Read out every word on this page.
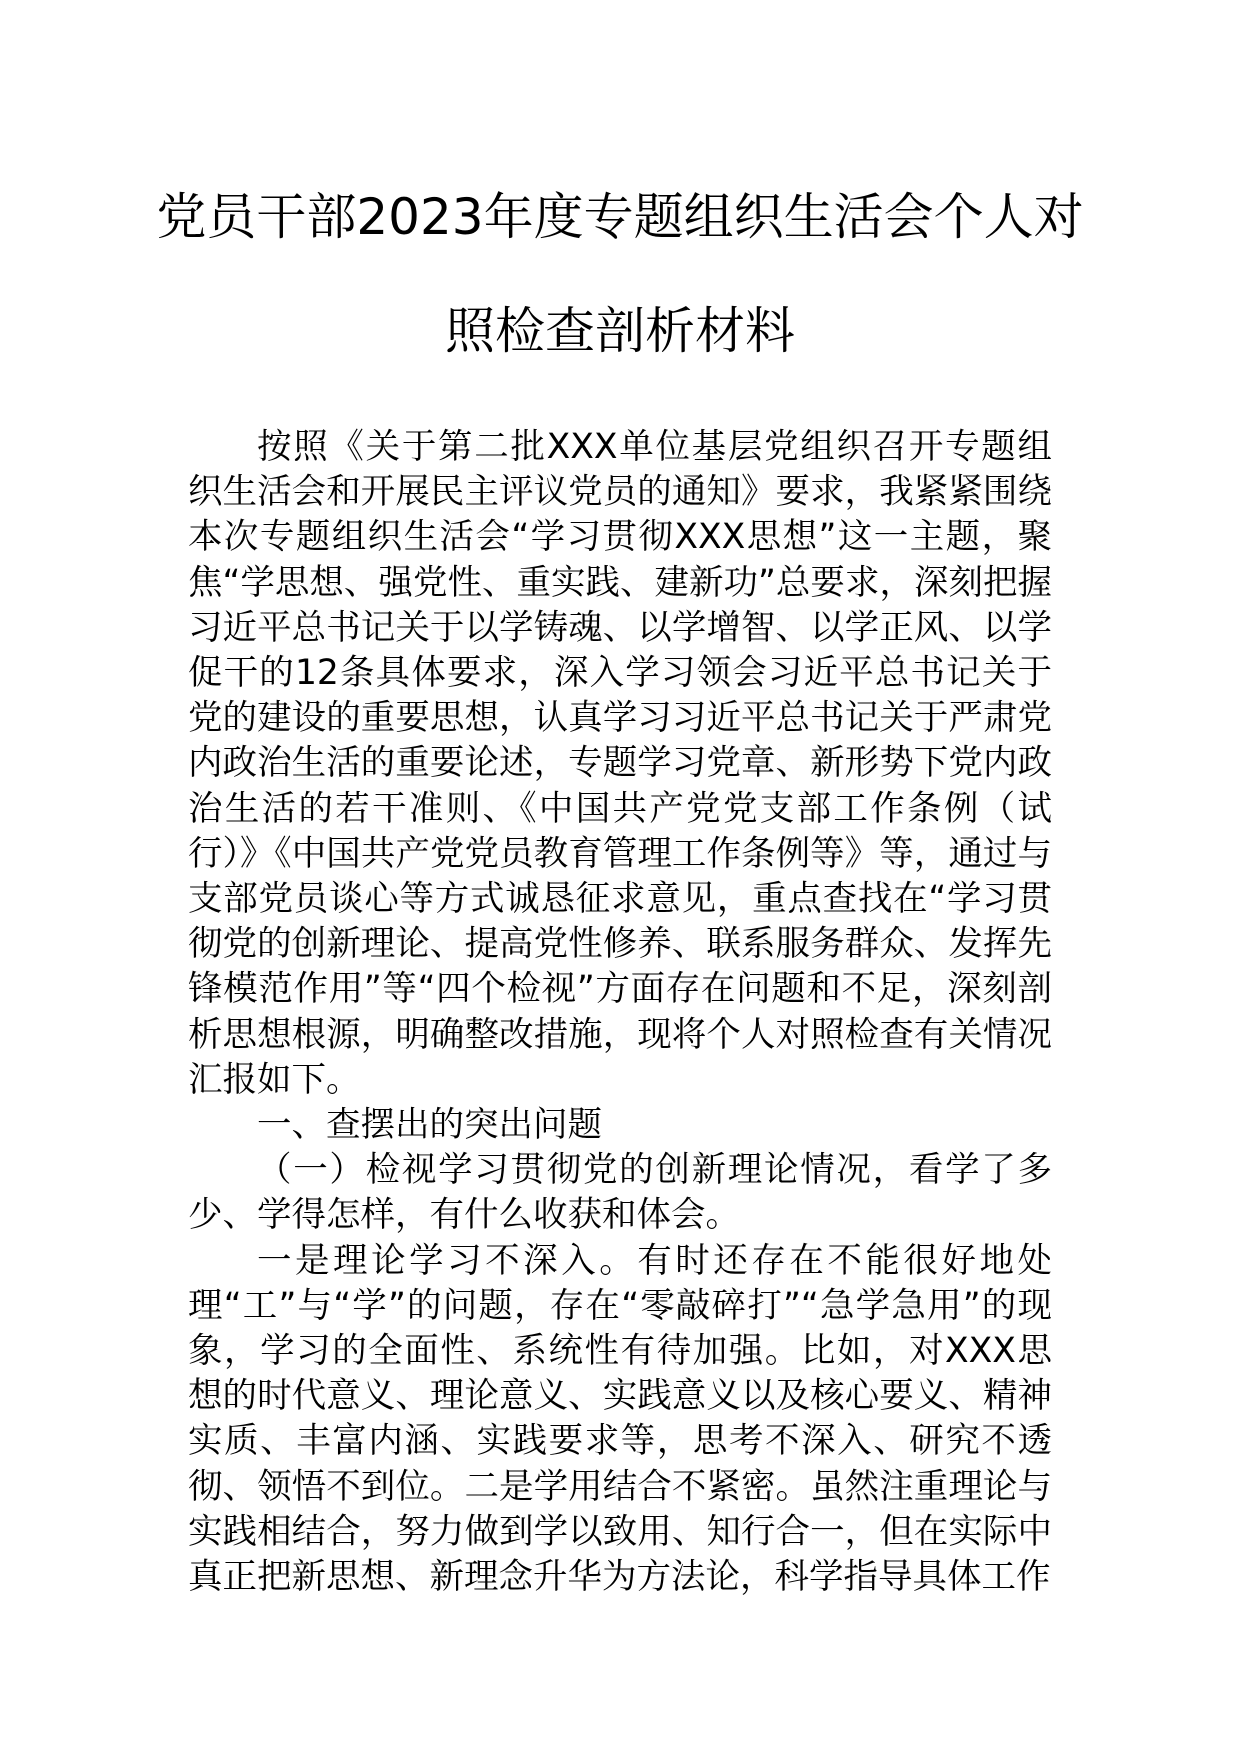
党员干部2023年度专题组织生活会个人对
照检查剖析材料

按照《关于第二批XXX单位基层党组织召开专题组织生活会和开展民主评议党员的通知》要求，我紧紧围绕本次专题组织生活会“学习贯彻XXX思想”这一主题，聚焦“学思想、强党性、重实践、建新功”总要求，深刻把握习近平总书记关于以学铸魂、以学增智、以学正风、以学促干的12条具体要求，深入学习领会习近平总书记关于党的建设的重要思想，认真学习习近平总书记关于严肃党内政治生活的重要论述，专题学习党章、新形势下党内政治生活的若干准则、《中国共产党党支部工作条例（试行）》《中国共产党党员教育管理工作条例等》等，通过与支部党员谈心等方式诚恳征求意见，重点查找在“学习贯彻党的创新理论、提高党性修养、联系服务群众、发挥先锋模范作用”等“四个检视”方面存在问题和不足，深刻剖析思想根源，明确整改措施，现将个人对照检查有关情况汇报如下。

一、查摆出的突出问题

（一）检视学习贯彻党的创新理论情况，看学了多少、学得怎样，有什么收获和体会。

一是理论学习不深入。有时还存在不能很好地处理“工”与“学”的问题，存在“零敲碎打”“急学急用”的现象，学习的全面性、系统性有待加强。比如，对XXX思想的时代意义、理论意义、实践意义以及核心要义、精神实质、丰富内涵、实践要求等，思考不深入、研究不透彻、领悟不到位。二是学用结合不紧密。虽然注重理论与实践相结合，努力做到学以致用、知行合一，但在实际中真正把新思想、新理念升华为方法论，科学指导具体工作
